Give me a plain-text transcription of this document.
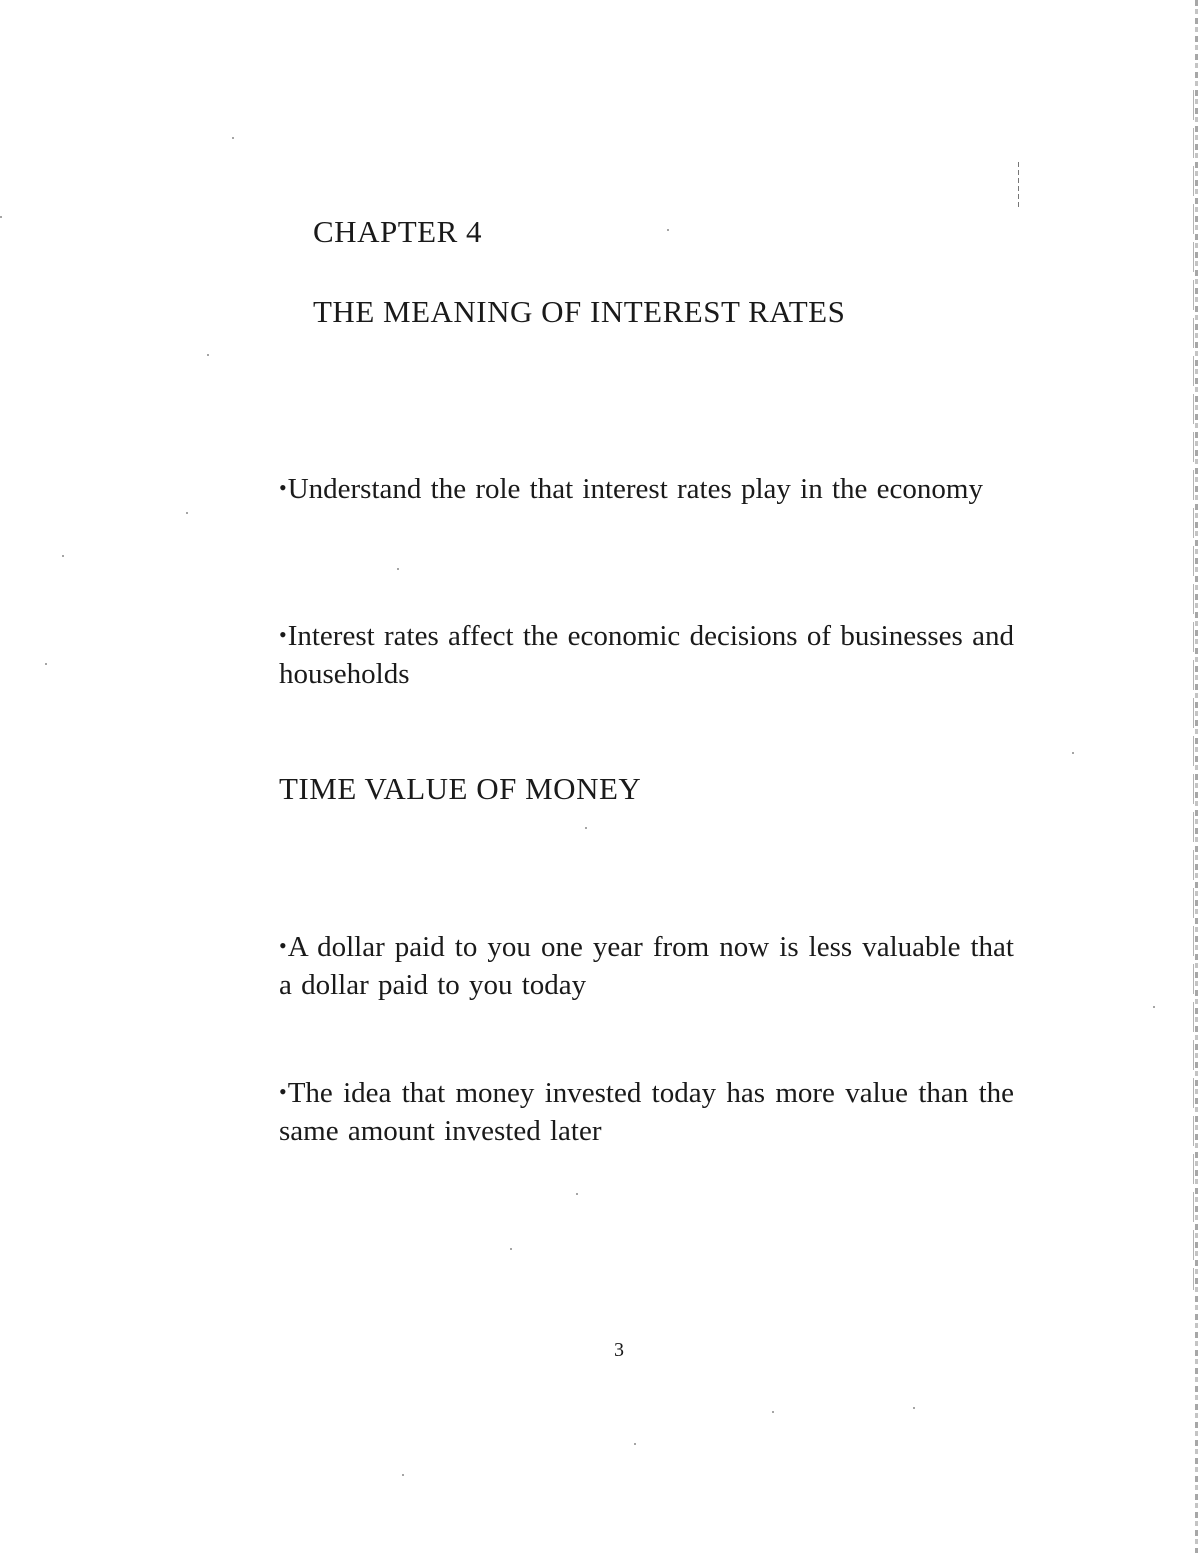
CHAPTER 4
THE MEANING OF INTEREST RATES
•Understand the role that interest rates play in the economy
•Interest rates affect the economic decisions of businesses and households
TIME VALUE OF MONEY
•A dollar paid to you one year from now is less valuable that a dollar paid to you today
•The idea that money invested today has more value than the same amount invested later
3
